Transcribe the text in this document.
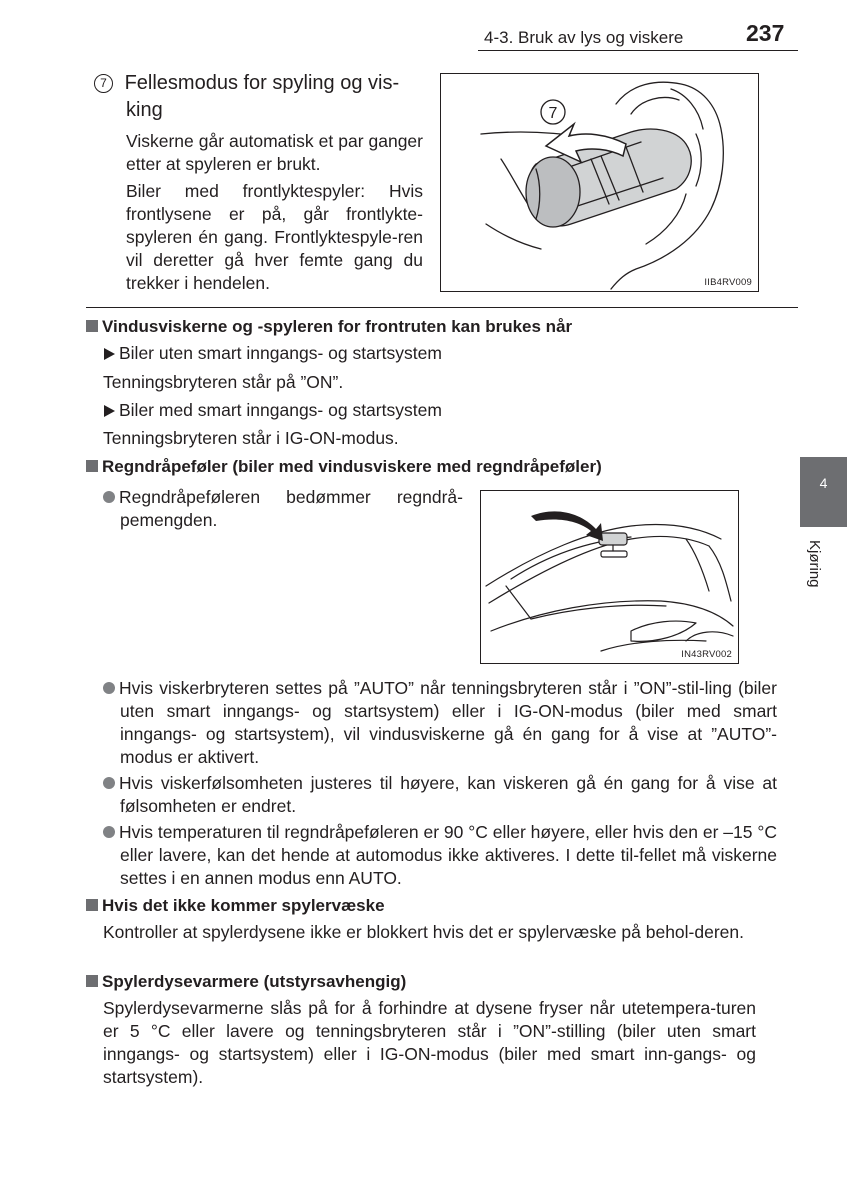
4-3. Bruk av lys og viskere	237
4
Kjøring
7 Fellesmodus for spyling og vis-
king
Viskerne går automatisk et par ganger etter at spyleren er brukt.
Biler med frontlyktespyler: Hvis frontlysene er på, går frontlykte-spyleren én gang. Frontlyktespyle-ren vil deretter gå hver femte gang du trekker i hendelen.
7
IIB4RV009
Vindusviskerne og -spyleren for frontruten kan brukes når
Biler uten smart inngangs- og startsystem
Tenningsbryteren står på ”ON”.
Biler med smart inngangs- og startsystem
Tenningsbryteren står i IG-ON-modus.
Regndråpeføler (biler med vindusviskere med regndråpeføler)
Regndråpeføleren bedømmer regndrå-
pemengden.
IN43RV002
Hvis viskerbryteren settes på ”AUTO” når tenningsbryteren står i ”ON”-stil-ling (biler uten smart inngangs- og startsystem) eller i IG-ON-modus (biler med smart inngangs- og startsystem), vil vindusviskerne gå én gang for å vise at ”AUTO”-modus er aktivert.
Hvis viskerfølsomheten justeres til høyere, kan viskeren gå én gang for å vise at følsomheten er endret.
Hvis temperaturen til regndråpeføleren er 90 °C eller høyere, eller hvis den er –15 °C eller lavere, kan det hende at automodus ikke aktiveres. I dette til-fellet må viskerne settes i en annen modus enn AUTO.
Hvis det ikke kommer spylervæske
Kontroller at spylerdysene ikke er blokkert hvis det er spylervæske på behol-deren.
Spylerdysevarmere (utstyrsavhengig)
Spylerdysevarmerne slås på for å forhindre at dysene fryser når utetempera-turen er 5 °C eller lavere og tenningsbryteren står i ”ON”-stilling (biler uten smart inngangs- og startsystem) eller i IG-ON-modus (biler med smart inn-gangs- og startsystem).
